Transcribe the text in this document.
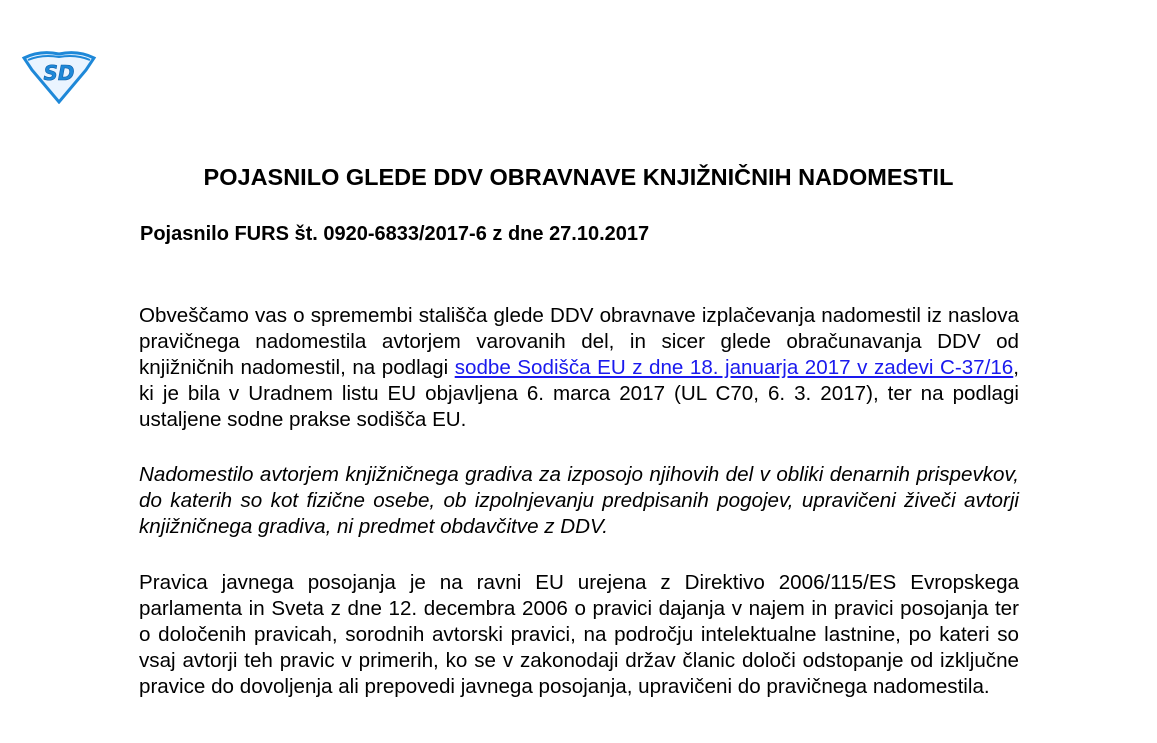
SD
POJASNILO GLEDE DDV OBRAVNAVE KNJIŽNIČNIH NADOMESTIL
Pojasnilo FURS št. 0920-6833/2017-6 z dne 27.10.2017
Obveščamo vas o spremembi stališča glede DDV obravnave izplačevanja nadomestil iz naslova pravičnega nadomestila avtorjem varovanih del, in sicer glede obračunavanja DDV od knjižničnih nadomestil, na podlagi sodbe Sodišča EU z dne 18. januarja 2017 v zadevi C-37/16, ki je bila v Uradnem listu EU objavljena 6. marca 2017 (UL C70, 6. 3. 2017), ter na podlagi ustaljene sodne prakse sodišča EU.
Nadomestilo avtorjem knjižničnega gradiva za izposojo njihovih del v obliki denarnih prispevkov, do katerih so kot fizične osebe, ob izpolnjevanju predpisanih pogojev, upravičeni živeči avtorji knjižničnega gradiva, ni predmet obdavčitve z DDV.
Pravica javnega posojanja je na ravni EU urejena z Direktivo 2006/115/ES Evropskega parlamenta in Sveta z dne 12. decembra 2006 o pravici dajanja v najem in pravici posojanja ter o določenih pravicah, sorodnih avtorski pravici, na področju intelektualne lastnine, po kateri so vsaj avtorji teh pravic v primerih, ko se v zakonodaji držav članic določi odstopanje od izključne pravice do dovoljenja ali prepovedi javnega posojanja, upravičeni do pravičnega nadomestila.
